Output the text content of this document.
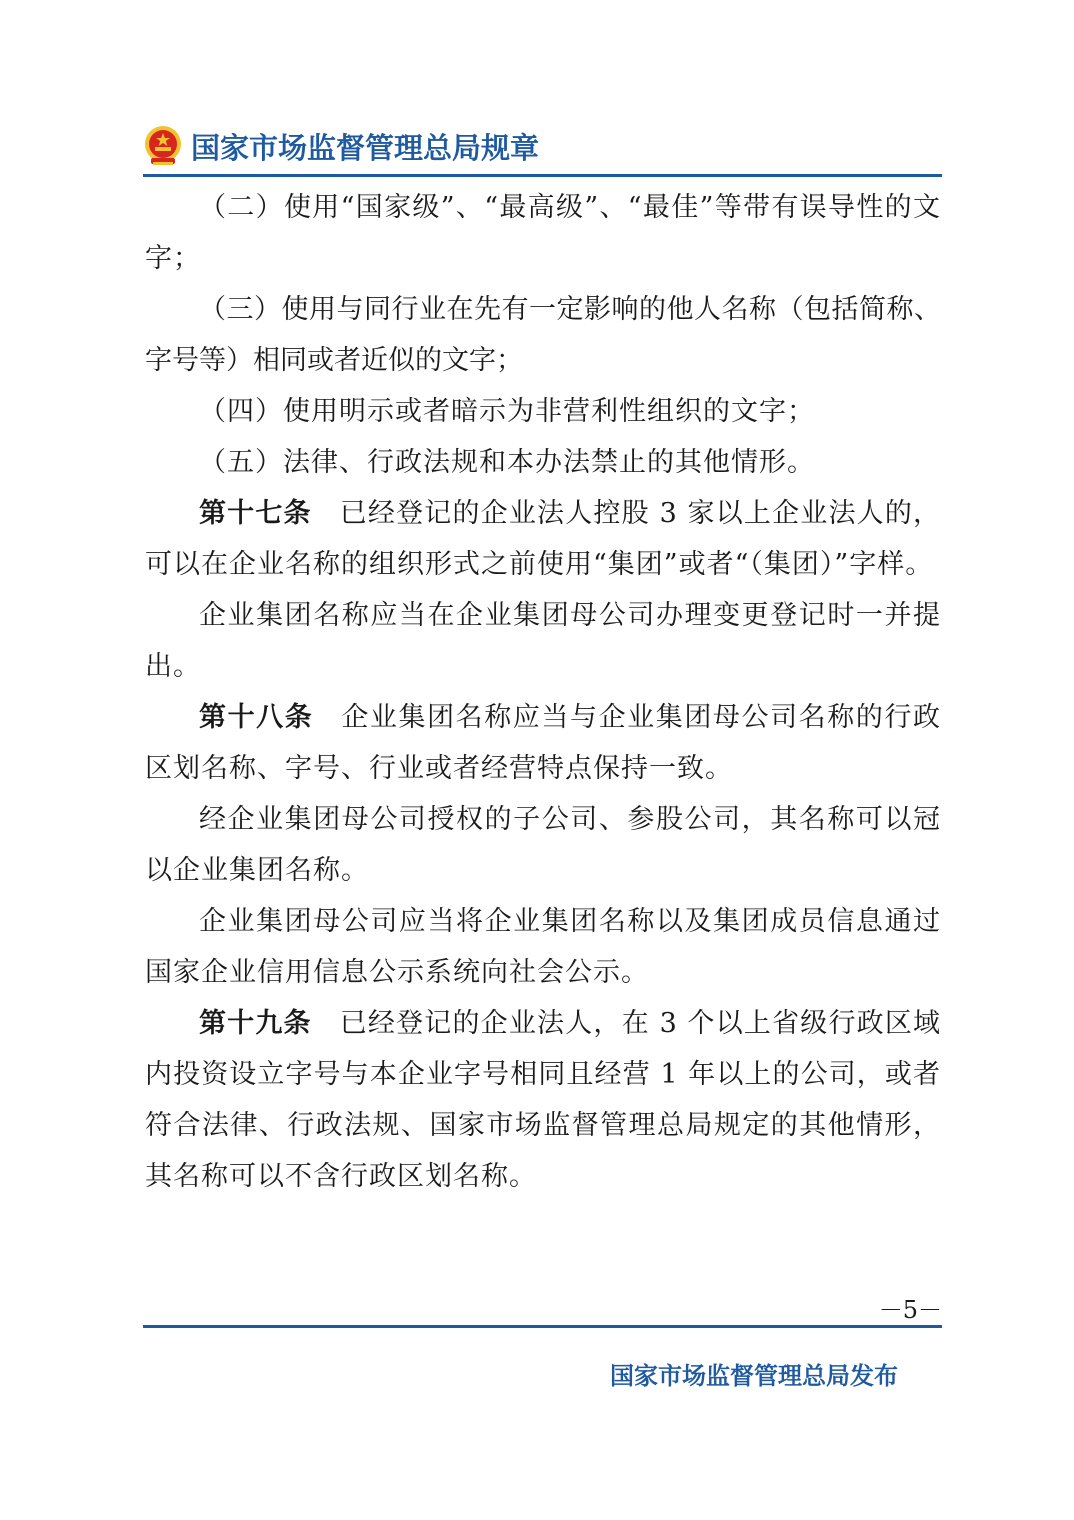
国家市场监督管理总局规章

（二）使用“国家级”、“最高级”、“最佳”等带有误导性的文字；

（三）使用与同行业在先有一定影响的他人名称（包括简称、字号等）相同或者近似的文字；

（四）使用明示或者暗示为非营利性组织的文字；

（五）法律、行政法规和本办法禁止的其他情形。

第十七条 已经登记的企业法人控股 3 家以上企业法人的，可以在企业名称的组织形式之前使用“集团”或者“（集团）”字样。

企业集团名称应当在企业集团母公司办理变更登记时一并提出。

第十八条 企业集团名称应当与企业集团母公司名称的行政区划名称、字号、行业或者经营特点保持一致。

经企业集团母公司授权的子公司、参股公司，其名称可以冠以企业集团名称。

企业集团母公司应当将企业集团名称以及集团成员信息通过国家企业信用信息公示系统向社会公示。

第十九条 已经登记的企业法人，在 3 个以上省级行政区域内投资设立字号与本企业字号相同且经营 1 年以上的公司，或者符合法律、行政法规、国家市场监督管理总局规定的其他情形，其名称可以不含行政区划名称。

－5－
国家市场监督管理总局发布
